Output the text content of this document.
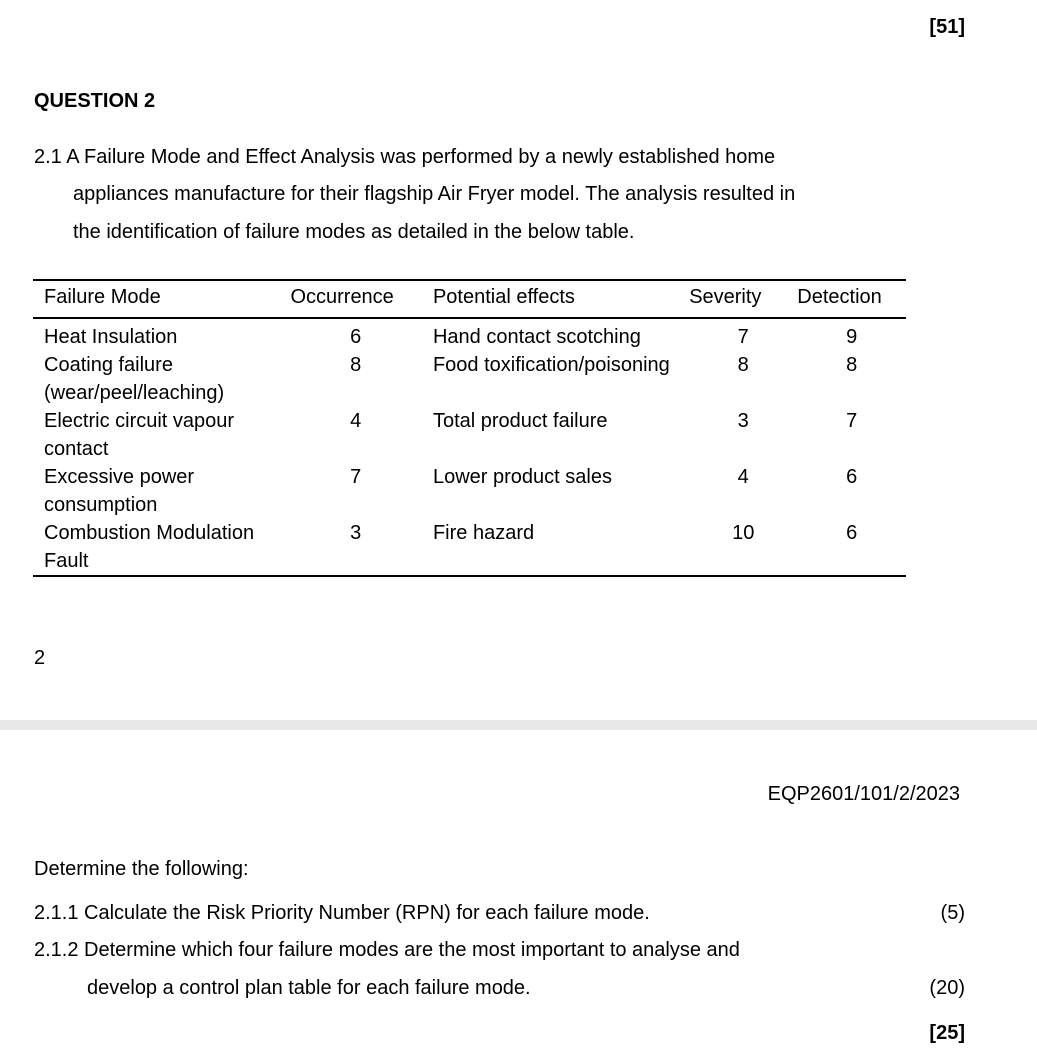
[51]

QUESTION 2

2.1 A Failure Mode and Effect Analysis was performed by a newly established home

appliances manufacture for their flagship Air Fryer model. The analysis resulted in

the identification of failure modes as detailed in the below table.

Failure Mode	Occurrence	Potential effects	Severity	Detection
Heat Insulation	6	Hand contact scotching	7	9
Coating failure (wear/peel/leaching)	8	Food toxification/poisoning	8	8
Electric circuit vapour contact	4	Total product failure	3	7
Excessive power consumption	7	Lower product sales	4	6
Combustion Modulation Fault	3	Fire hazard	10	6

2

EQP2601/101/2/2023

Determine the following:

2.1.1 Calculate the Risk Priority Number (RPN) for each failure mode.	(5)

2.1.2 Determine which four failure modes are the most important to analyse and

develop a control plan table for each failure mode.	(20)

[25]
